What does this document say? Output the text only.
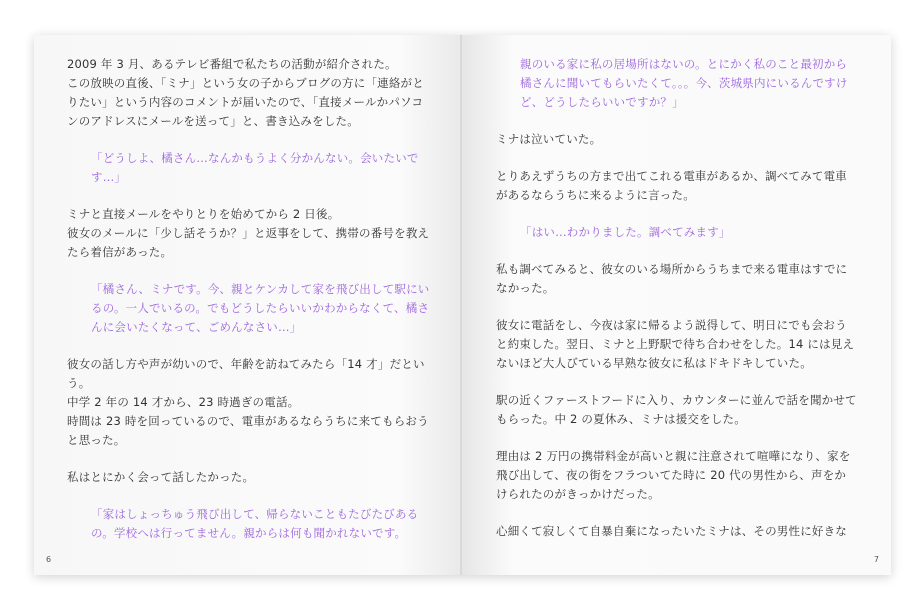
2009 年 3 月、あるテレビ番組で私たちの活動が紹介された。
この放映の直後、「ミナ」という女の子からブログの方に「連絡がとりたい」という内容のコメントが届いたので、「直接メールかパソコンのアドレスにメールを送って」と、書き込みをした。
「どうしよ、橘さん…なんかもうよく分かんない。会いたいです…」
ミナと直接メールをやりとりを始めてから 2 日後。
彼女のメールに「少し話そうか？」と返事をして、携帯の番号を教えたら着信があった。
「橘さん、ミナです。今、親とケンカして家を飛び出して駅にいるの。一人でいるの。でもどうしたらいいかわからなくて、橘さんに会いたくなって、ごめんなさい…」
彼女の話し方や声が幼いので、年齢を訪ねてみたら「14 才」だという。
中学 2 年の 14 才から、23 時過ぎの電話。
時間は 23 時を回っているので、電車があるならうちに来てもらおうと思った。
私はとにかく会って話したかった。
「家はしょっちゅう飛び出して、帰らないこともたびたびあるの。学校へは行ってません。親からは何も聞かれないです。
6
親のいる家に私の居場所はないの。とにかく私のこと最初から橘さんに聞いてもらいたくて。。。今、茨城県内にいるんですけど、どうしたらいいですか？」
ミナは泣いていた。
とりあえずうちの方まで出てこれる電車があるか、調べてみて電車があるならうちに来るように言った。
「はい…わかりました。調べてみます」
私も調べてみると、彼女のいる場所からうちまで来る電車はすでになかった。
彼女に電話をし、今夜は家に帰るよう説得して、明日にでも会おうと約束した。翌日、ミナと上野駅で待ち合わせをした。14 には見えないほど大人びている早熟な彼女に私はドキドキしていた。
駅の近くファーストフードに入り、カウンターに並んで話を聞かせてもらった。中 2 の夏休み、ミナは援交をした。
理由は 2 万円の携帯料金が高いと親に注意されて喧嘩になり、家を飛び出して、夜の街をフラついてた時に 20 代の男性から、声をかけられたのがきっかけだった。
心細くて寂しくて自暴自棄になったいたミナは、その男性に好きな
7
